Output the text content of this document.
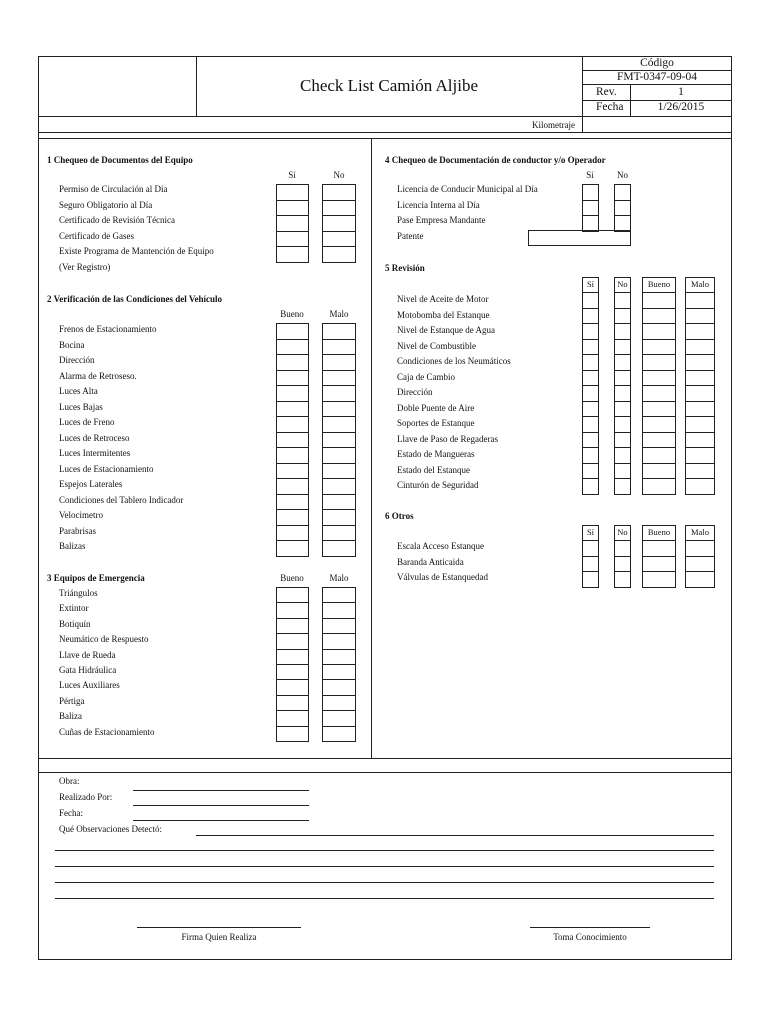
Check List Camión Aljibe
Código
FMT-0347-09-04
Rev.	1
Fecha	1/26/2015
Kilometraje
1 Chequeo de Documentos del Equipo
2 Verificación de las Condiciones del Vehículo
3 Equipos de Emergencia
4 Chequeo de Documentación de conductor y/o Operador
5 Revisión
6 Otros
Sí	No
Bueno	Malo
Bueno	Malo
Sí	No
Permiso de Circulación al Día
Seguro Obligatorio al Día
Certificado de Revisión Técnica
Certificado de Gases
Existe Programa de Mantención de Equipo
(Ver Registro)
Frenos de Estacionamiento
Bocina
Dirección
Alarma de Retroseso.
Luces Alta
Luces Bajas
Luces de Freno
Luces de Retroceso
Luces Intermitentes
Luces de Estacionamiento
Espejos Laterales
Condiciones del Tablero Indicador
Velocimetro
Parabrisas
Balizas
Triángulos
Extintor
Botiquín
Neumático de Respuesto
Llave de Rueda
Gata Hidráulica
Luces Auxiliares
Pértiga
Baliza
Cuñas de Estacionamiento
Licencia de Conducir Municipal al Día
Licencia Interna al Día
Pase Empresa Mandante
Patente
Nivel de Aceite de Motor
Motobomba del Estanque
Nivel de Estanque de Agua
Nivel de Combustible
Condiciones de los Neumáticos
Caja de Cambio
Dirección
Doble Puente de Aire
Soportes de Estanque
Llave de Paso de Regaderas
Estado de Mangueras
Estado del Estanque
Cinturón de Seguridad
Sí	No	Bueno	Malo
Escala Acceso Estanque
Baranda Anticaida
Válvulas de Estanquedad
Sí	No	Bueno	Malo
Obra:
Realizado Por:
Fecha:
Qué Observaciones Detectó:
Firma Quien Realiza	Toma Conocimiento
